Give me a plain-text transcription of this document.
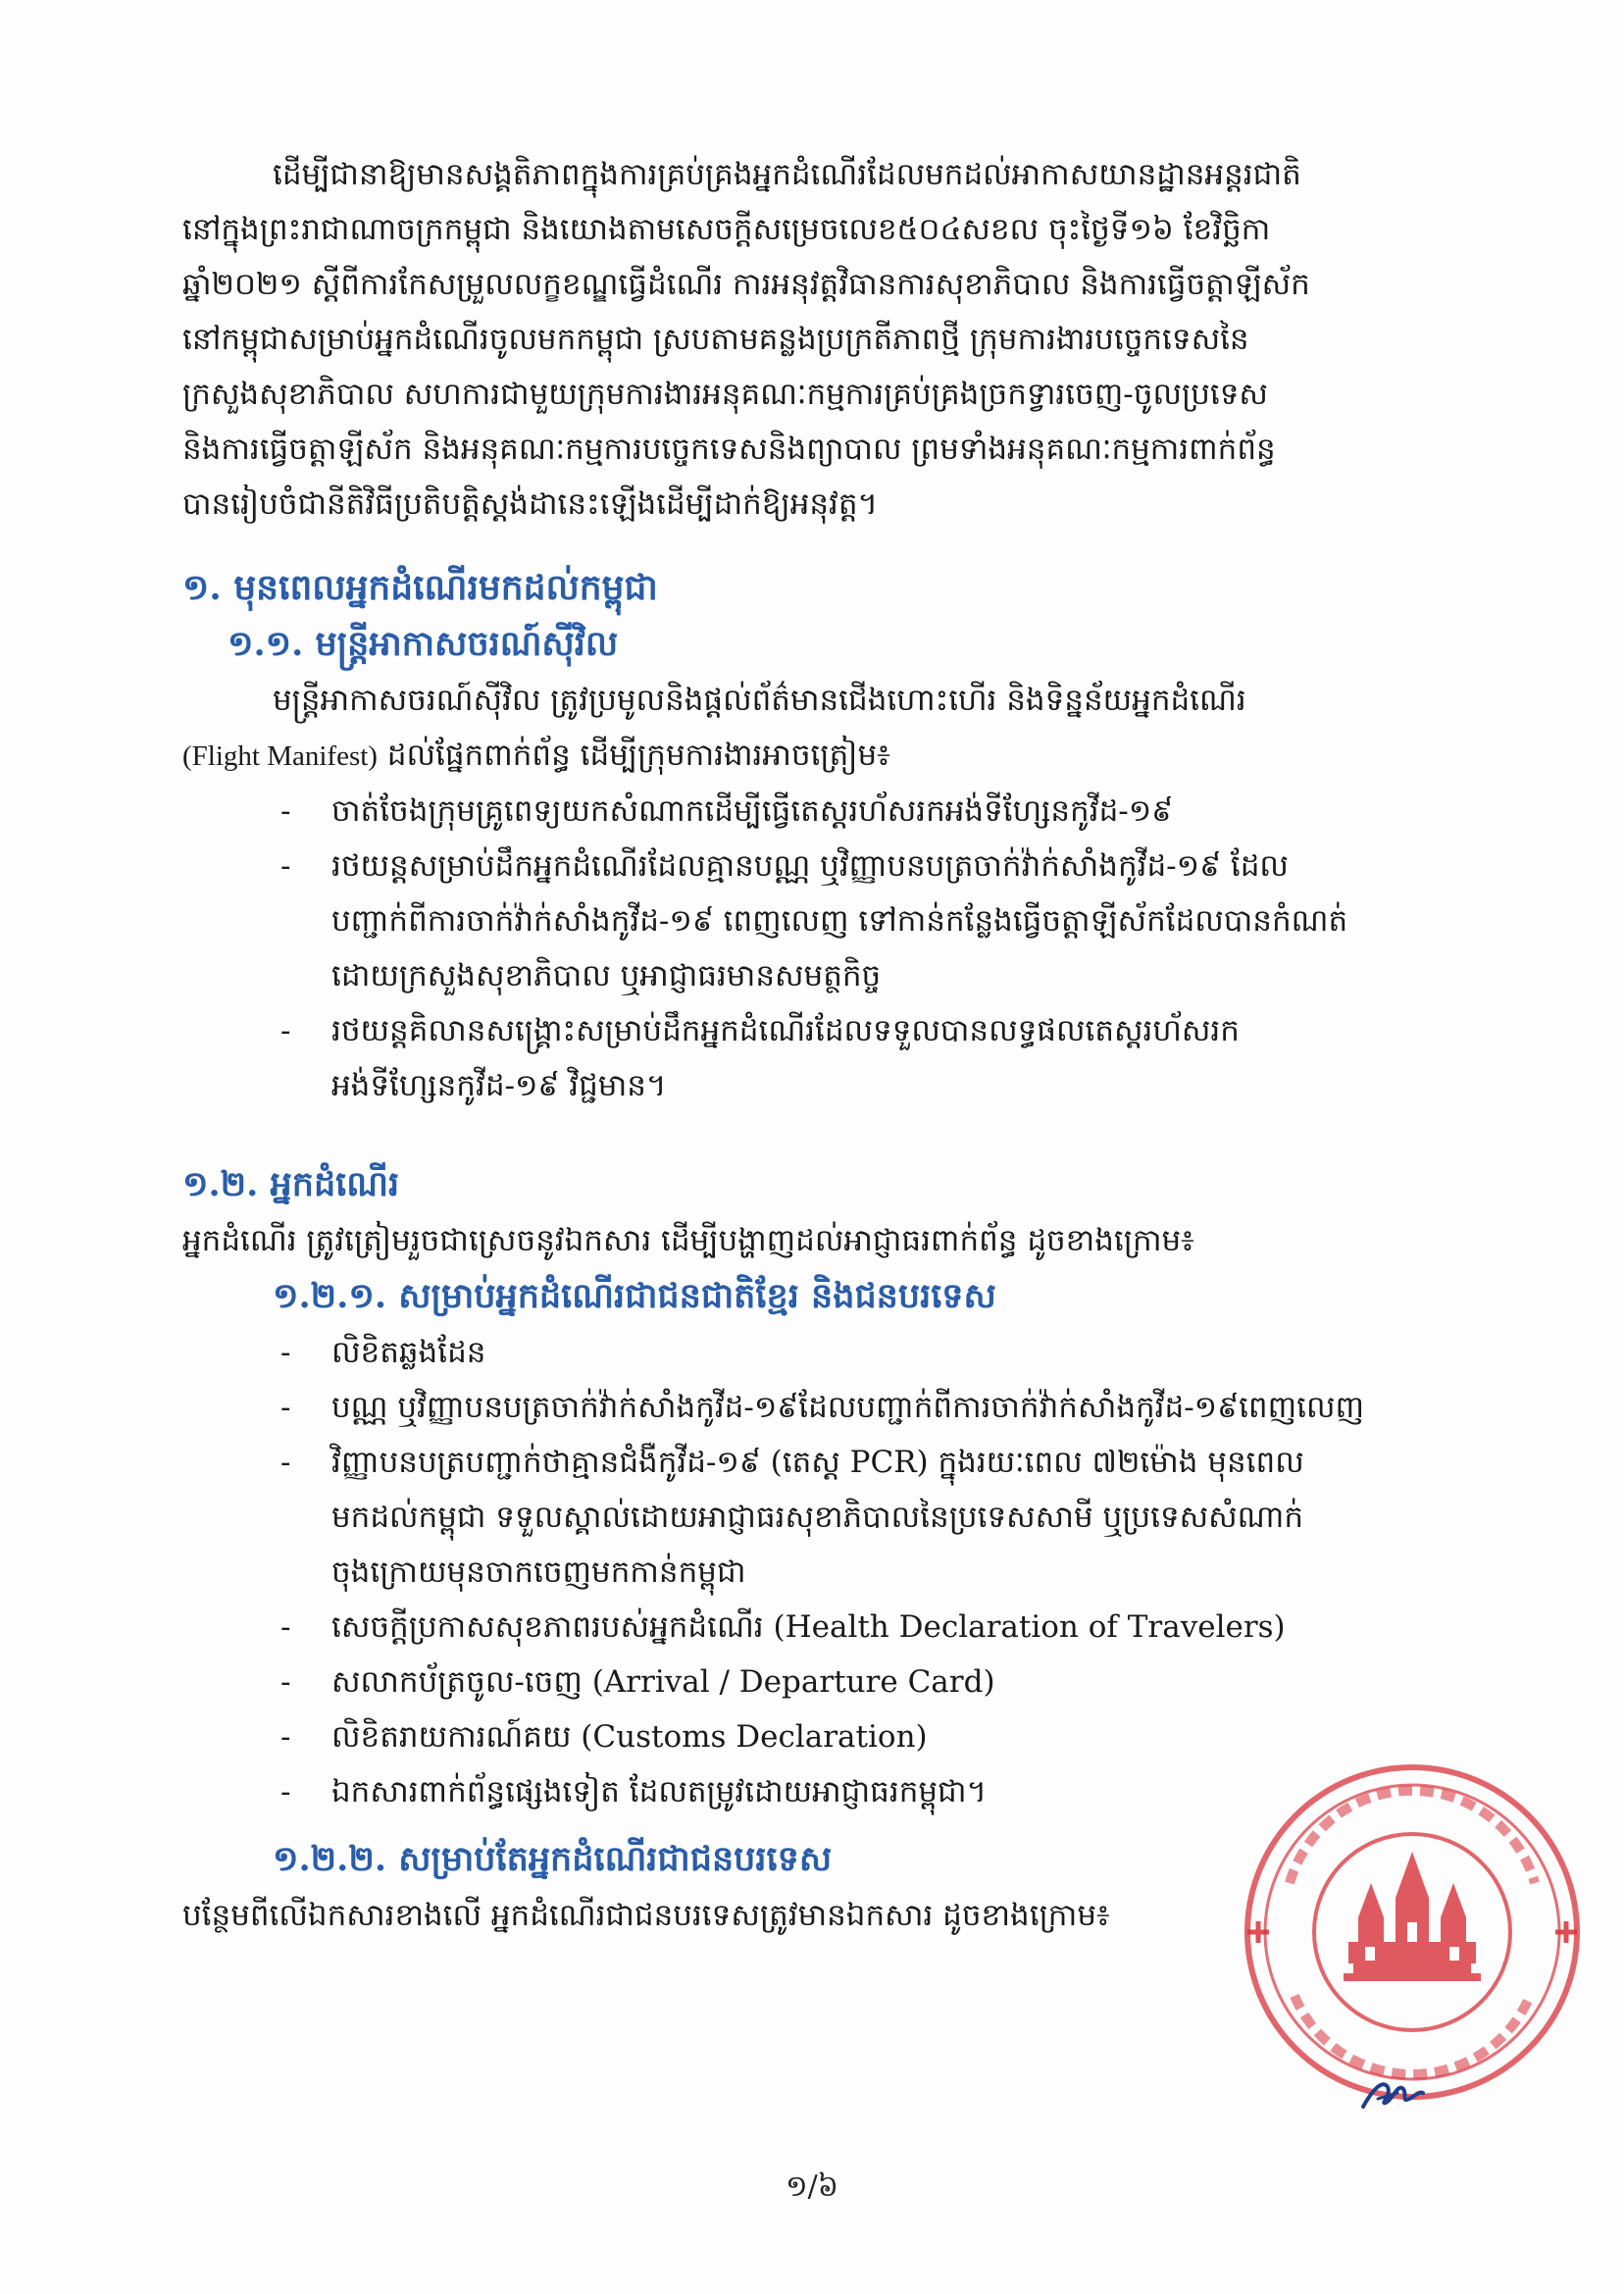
ដើម្បីជានាឱ្យមានសង្គតិភាពក្នុងការគ្រប់គ្រងអ្នកដំណើរដែលមកដល់អាកាសយានដ្ឋានអន្តរជាតិ
នៅក្នុងព្រះរាជាណាចក្រកម្ពុជា និងយោងតាមសេចក្តីសម្រេចលេខ៥០៤សខល ចុះថ្ងៃទី១៦ ខែវិច្ឆិកា
ឆ្នាំ២០២១ ស្តីពីការកែសម្រួលលក្ខខណ្ឌធ្វើដំណើរ ការអនុវត្តវិធានការសុខាភិបាល និងការធ្វើចត្តាឡីស័ក
នៅកម្ពុជាសម្រាប់អ្នកដំណើរចូលមកកម្ពុជា ស្របតាមគន្លងប្រក្រតីភាពថ្មី ក្រុមការងារបច្ចេកទេសនៃ
ក្រសួងសុខាភិបាល សហការជាមួយក្រុមការងារអនុគណៈកម្មការគ្រប់គ្រងច្រកទ្វារចេញ-ចូលប្រទេស
និងការធ្វើចត្តាឡីស័ក និងអនុគណៈកម្មការបច្ចេកទេសនិងព្យាបាល ព្រមទាំងអនុគណៈកម្មការពាក់ព័ន្ធ
បានរៀបចំជានីតិវិធីប្រតិបត្តិស្តង់ដានេះឡើងដើម្បីដាក់ឱ្យអនុវត្ត។

១. មុនពេលអ្នកដំណើរមកដល់កម្ពុជា
១.១. មន្ត្រីអាកាសចរណ៍ស៊ីវិល

មន្ត្រីអាកាសចរណ៍ស៊ីវិល ត្រូវប្រមូលនិងផ្តល់ព័ត៌មានជើងហោះហើរ និងទិន្នន័យអ្នកដំណើរ
(Flight Manifest) ដល់ផ្នែកពាក់ព័ន្ធ ដើម្បីក្រុមការងារអាចត្រៀម៖

- ចាត់ចែងក្រុមគ្រូពេទ្យយកសំណាកដើម្បីធ្វើតេស្តរហ័សរកអង់ទីហ្សែនកូវីដ-១៩
- រថយន្តសម្រាប់ដឹកអ្នកដំណើរដែលគ្មានបណ្ណ ឬវិញ្ញាបនបត្រចាក់វ៉ាក់សាំងកូវីដ-១៩ ដែល
បញ្ជាក់ពីការចាក់វ៉ាក់សាំងកូវីដ-១៩ ពេញលេញ ទៅកាន់កន្លែងធ្វើចត្តាឡីស័កដែលបានកំណត់
ដោយក្រសួងសុខាភិបាល ឬអាជ្ញាធរមានសមត្ថកិច្ច
- រថយន្តគិលានសង្គ្រោះសម្រាប់ដឹកអ្នកដំណើរដែលទទួលបានលទ្ធផលតេស្តរហ័សរក
អង់ទីហ្សែនកូវីដ-១៩ វិជ្ជមាន។
១.២. អ្នកដំណើរ

អ្នកដំណើរ ត្រូវត្រៀមរួចជាស្រេចនូវឯកសារ ដើម្បីបង្ហាញដល់អាជ្ញាធរពាក់ព័ន្ធ ដូចខាងក្រោម៖

១.២.១. សម្រាប់អ្នកដំណើរជាជនជាតិខ្មែរ និងជនបរទេស
- លិខិតឆ្លងដែន
- បណ្ណ ឬវិញ្ញាបនបត្រចាក់វ៉ាក់សាំងកូវីដ-១៩ដែលបញ្ជាក់ពីការចាក់វ៉ាក់សាំងកូវីដ-១៩ពេញលេញ
- វិញ្ញាបនបត្របញ្ជាក់ថាគ្មានជំងឺកូវីដ-១៩ (តេស្ត PCR) ក្នុងរយៈពេល ៧២ម៉ោង មុនពេល
មកដល់កម្ពុជា ទទួលស្គាល់ដោយអាជ្ញាធរសុខាភិបាលនៃប្រទេសសាមី ឬប្រទេសសំណាក់
ចុងក្រោយមុនចាកចេញមកកាន់កម្ពុជា
- សេចក្តីប្រកាសសុខភាពរបស់អ្នកដំណើរ (Health Declaration of Travelers)
- សលាកប័ត្រចូល-ចេញ (Arrival / Departure Card)
- លិខិតរាយការណ៍គយ (Customs Declaration)
- ឯកសារពាក់ព័ន្ធផ្សេងទៀត ដែលតម្រូវដោយអាជ្ញាធរកម្ពុជា។
១.២.២. សម្រាប់តែអ្នកដំណើរជាជនបរទេស

បន្ថែមពីលើឯកសារខាងលើ អ្នកដំណើរជាជនបរទេសត្រូវមានឯកសារ ដូចខាងក្រោម៖

១/៦
